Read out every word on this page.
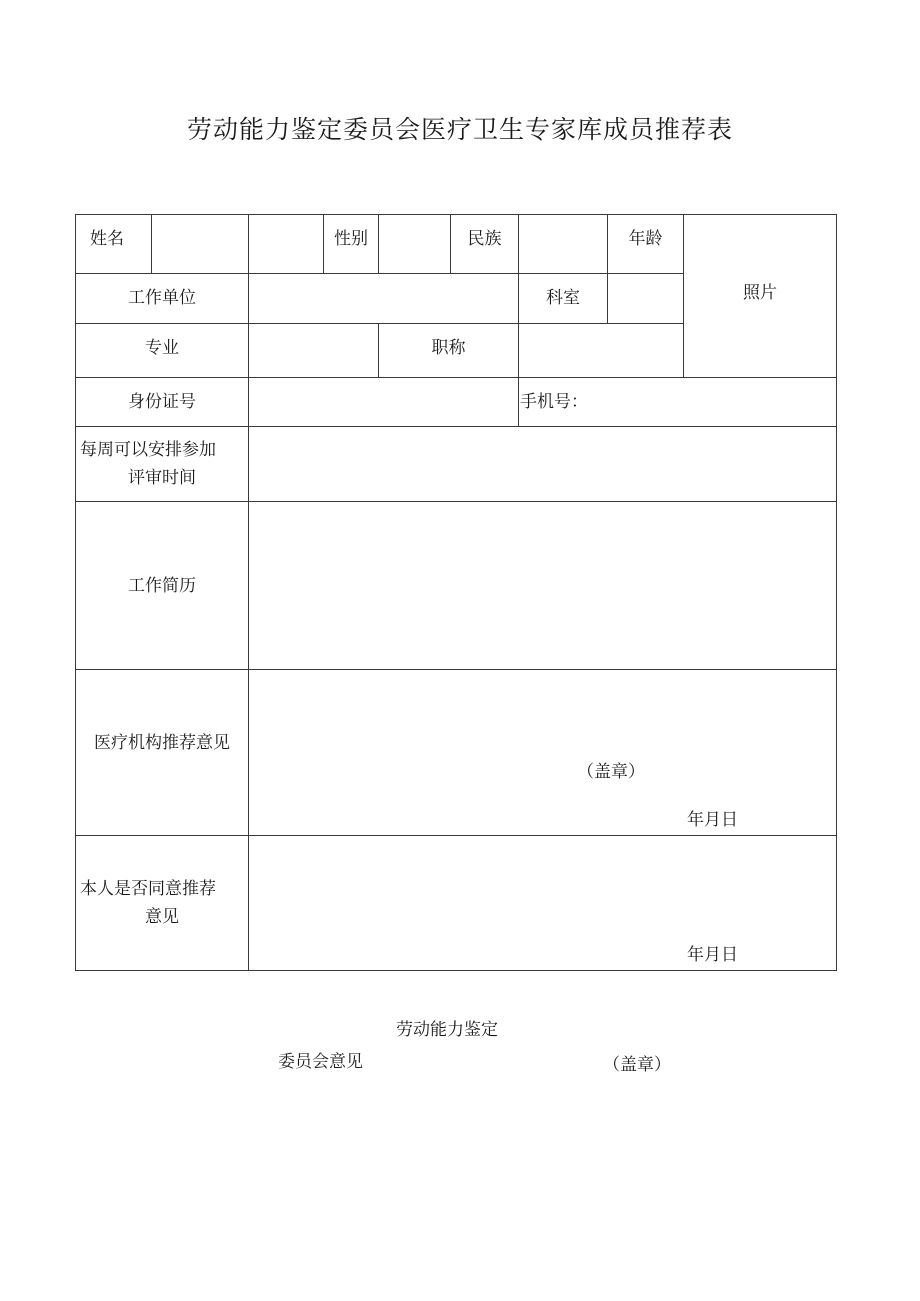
劳动能力鉴定委员会医疗卫生专家库成员推荐表
姓名		性别		民族		年龄	照片
工作单位					科室		
专业			职称				
身份证号					手机号：		

每周可以安排参加
评审时间							
工作简历							
医疗机构推荐意见	（盖章）
年月日						

本人是否同意推荐
意见	年月日						
劳动能力鉴定
委员会意见	（盖章）
